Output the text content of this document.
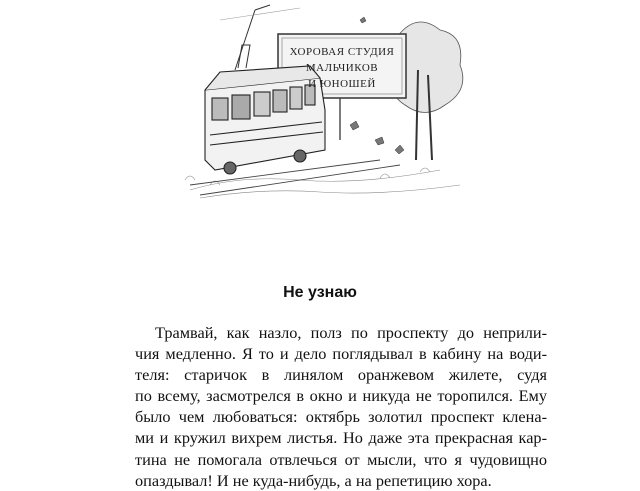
ХОРОВАЯ СТУДИЯ
МАЛЬЧИКОВ
И ЮНОШЕЙ
Не узнаю
Трамвай, как назло, полз по проспекту до неприли-
чия медленно. Я то и дело поглядывал в кабину на води-
теля: старичок в линялом оранжевом жилете, судя
по всему, засмотрелся в окно и никуда не торопился. Ему
было чем любоваться: октябрь золотил проспект клена-
ми и кружил вихрем листья. Но даже эта прекрасная кар-
тина не помогала отвлечься от мысли, что я чудовищно
опаздывал! И не куда-нибудь, а на репетицию хора.
